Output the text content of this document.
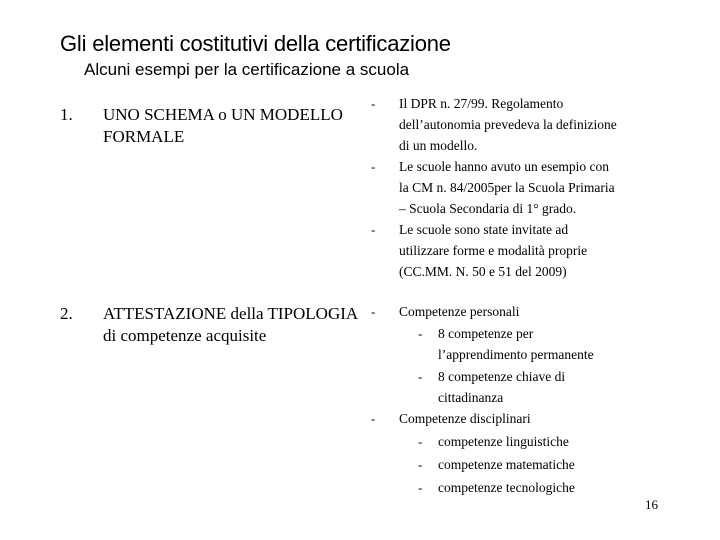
Gli elementi costitutivi della certificazione
Alcuni esempi per la certificazione a scuola
1. UNO SCHEMA o UN MODELLO FORMALE
- Il DPR n. 27/99. Regolamento
dell’autonomia prevedeva la definizione
di un modello.
- Le scuole hanno avuto un esempio con
la CM n. 84/2005per la Scuola Primaria
– Scuola Secondaria di 1° grado.
- Le scuole sono state invitate ad
utilizzare forme e modalità proprie
(CC.MM. N. 50 e 51 del 2009)
2. ATTESTAZIONE della TIPOLOGIA di competenze acquisite
- Competenze personali
- 8 competenze per
l’apprendimento permanente
- 8 competenze chiave di
cittadinanza
- Competenze disciplinari
- competenze linguistiche
- competenze matematiche
- competenze tecnologiche
16
